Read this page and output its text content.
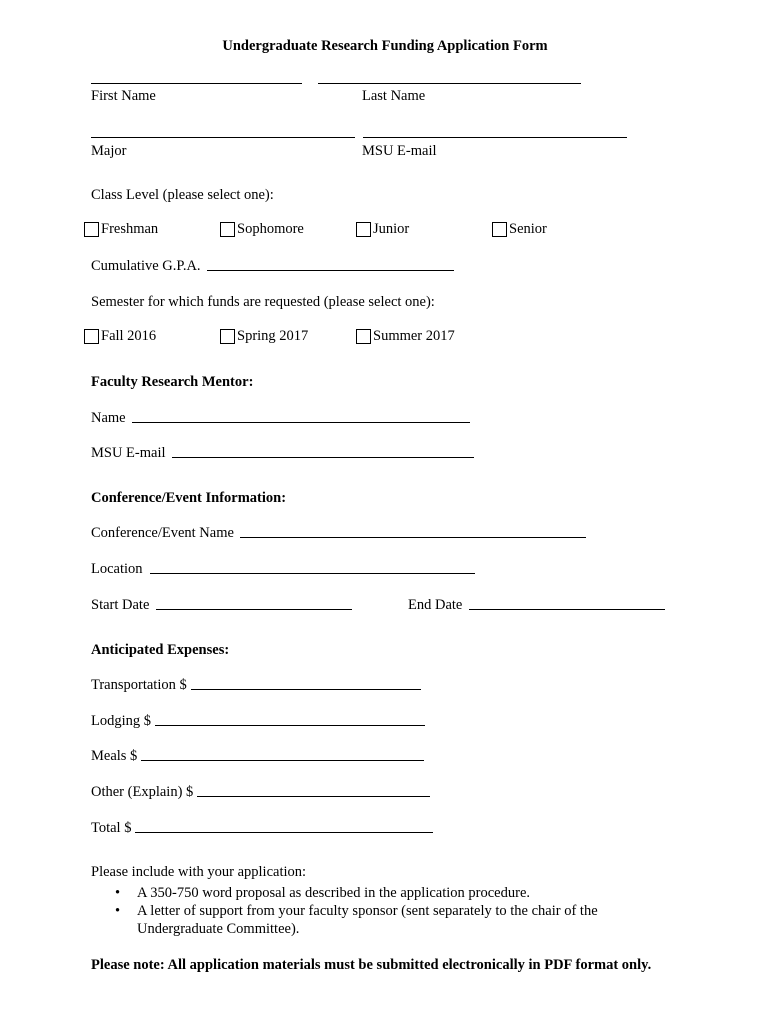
Undergraduate Research Funding Application Form
First Name	Last Name
Major	MSU E-mail
Class Level (please select one):
Freshman	Sophomore	Junior	Senior
Cumulative G.P.A.
Semester for which funds are requested (please select one):
Fall 2016	Spring 2017	Summer 2017
Faculty Research Mentor:
Name
MSU E-mail
Conference/Event Information:
Conference/Event Name
Location
Start Date	End Date
Anticipated Expenses:
Transportation $
Lodging $
Meals $
Other (Explain) $
Total $
Please include with your application:
• A 350-750 word proposal as described in the application procedure.
• A letter of support from your faculty sponsor (sent separately to the chair of the
Undergraduate Committee).
Please note: All application materials must be submitted electronically in PDF format only.
